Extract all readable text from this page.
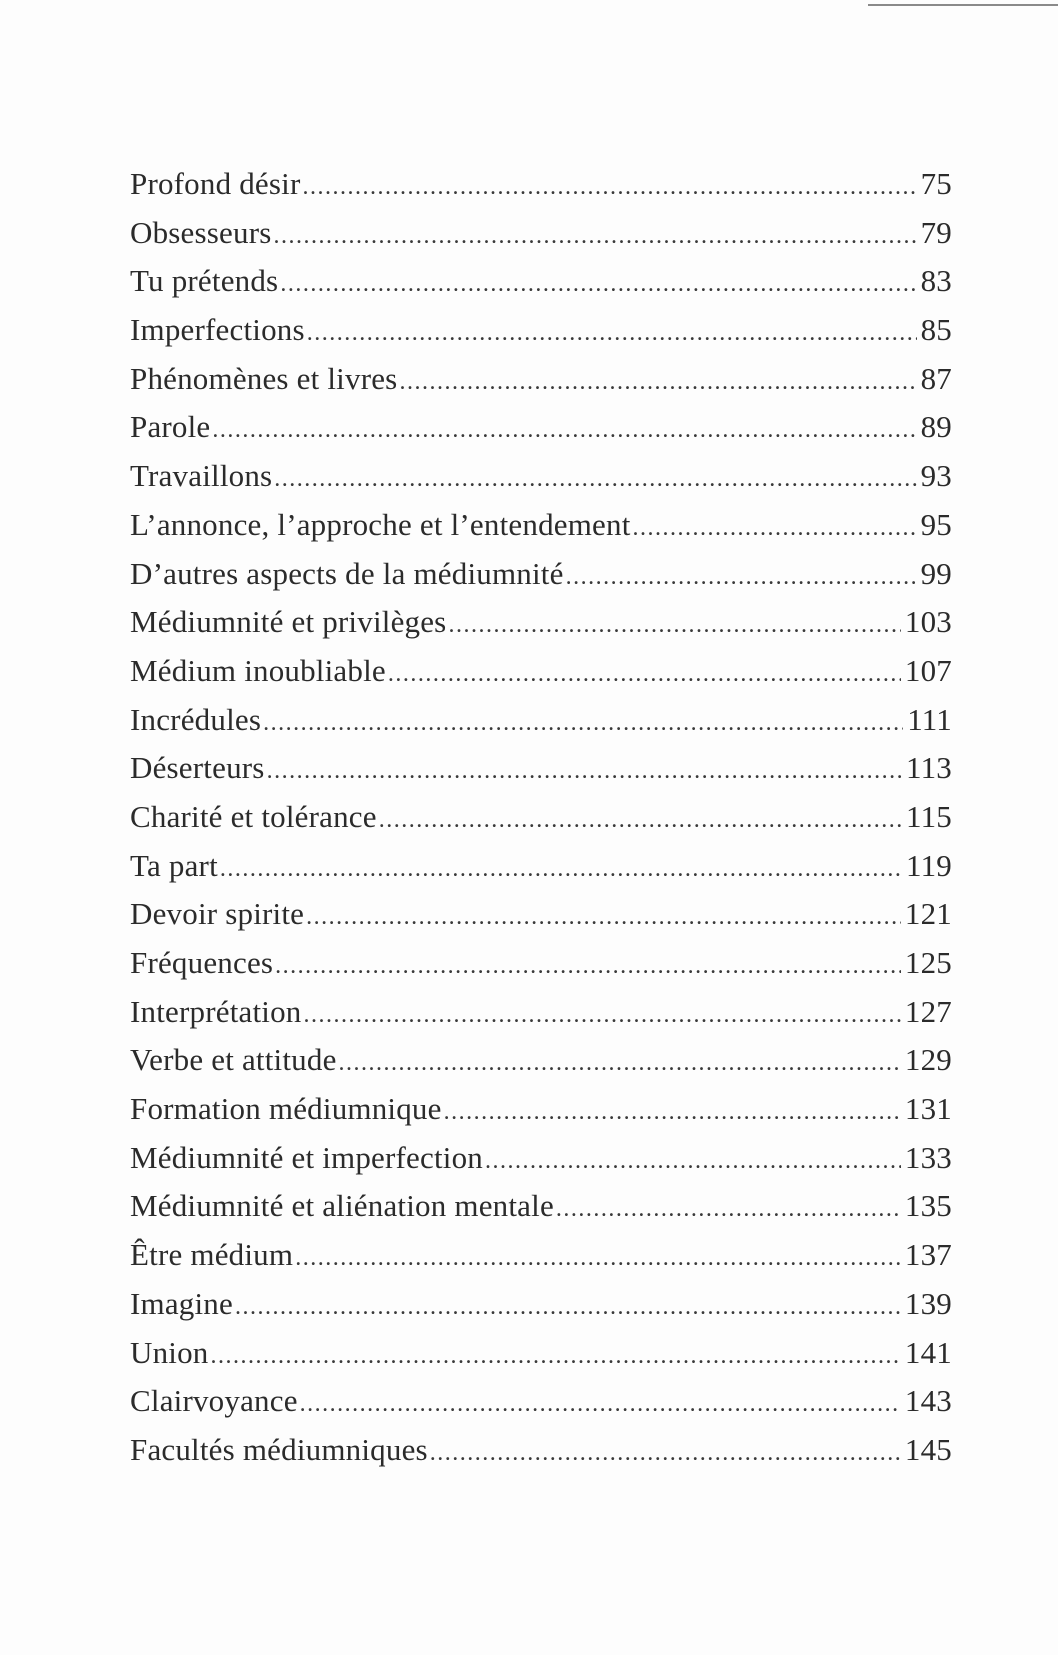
Profond désir .....	75
Obsesseurs .....	79
Tu prétends .....	83
Imperfections .....	85
Phénomènes et livres .....	87
Parole .....	89
Travaillons .....	93
L’annonce, l’approche et l’entendement .....	95
D’autres aspects de la médiumnité .....	99
Médiumnité et privilèges .....	103
Médium inoubliable .....	107
Incrédules .....	111
Déserteurs .....	113
Charité et tolérance .....	115
Ta part .....	119
Devoir spirite .....	121
Fréquences .....	125
Interprétation .....	127
Verbe et attitude .....	129
Formation médiumnique .....	131
Médiumnité et imperfection .....	133
Médiumnité et aliénation mentale .....	135
Être médium .....	137
Imagine .....	139
Union .....	141
Clairvoyance .....	143
Facultés médiumniques .....	145
